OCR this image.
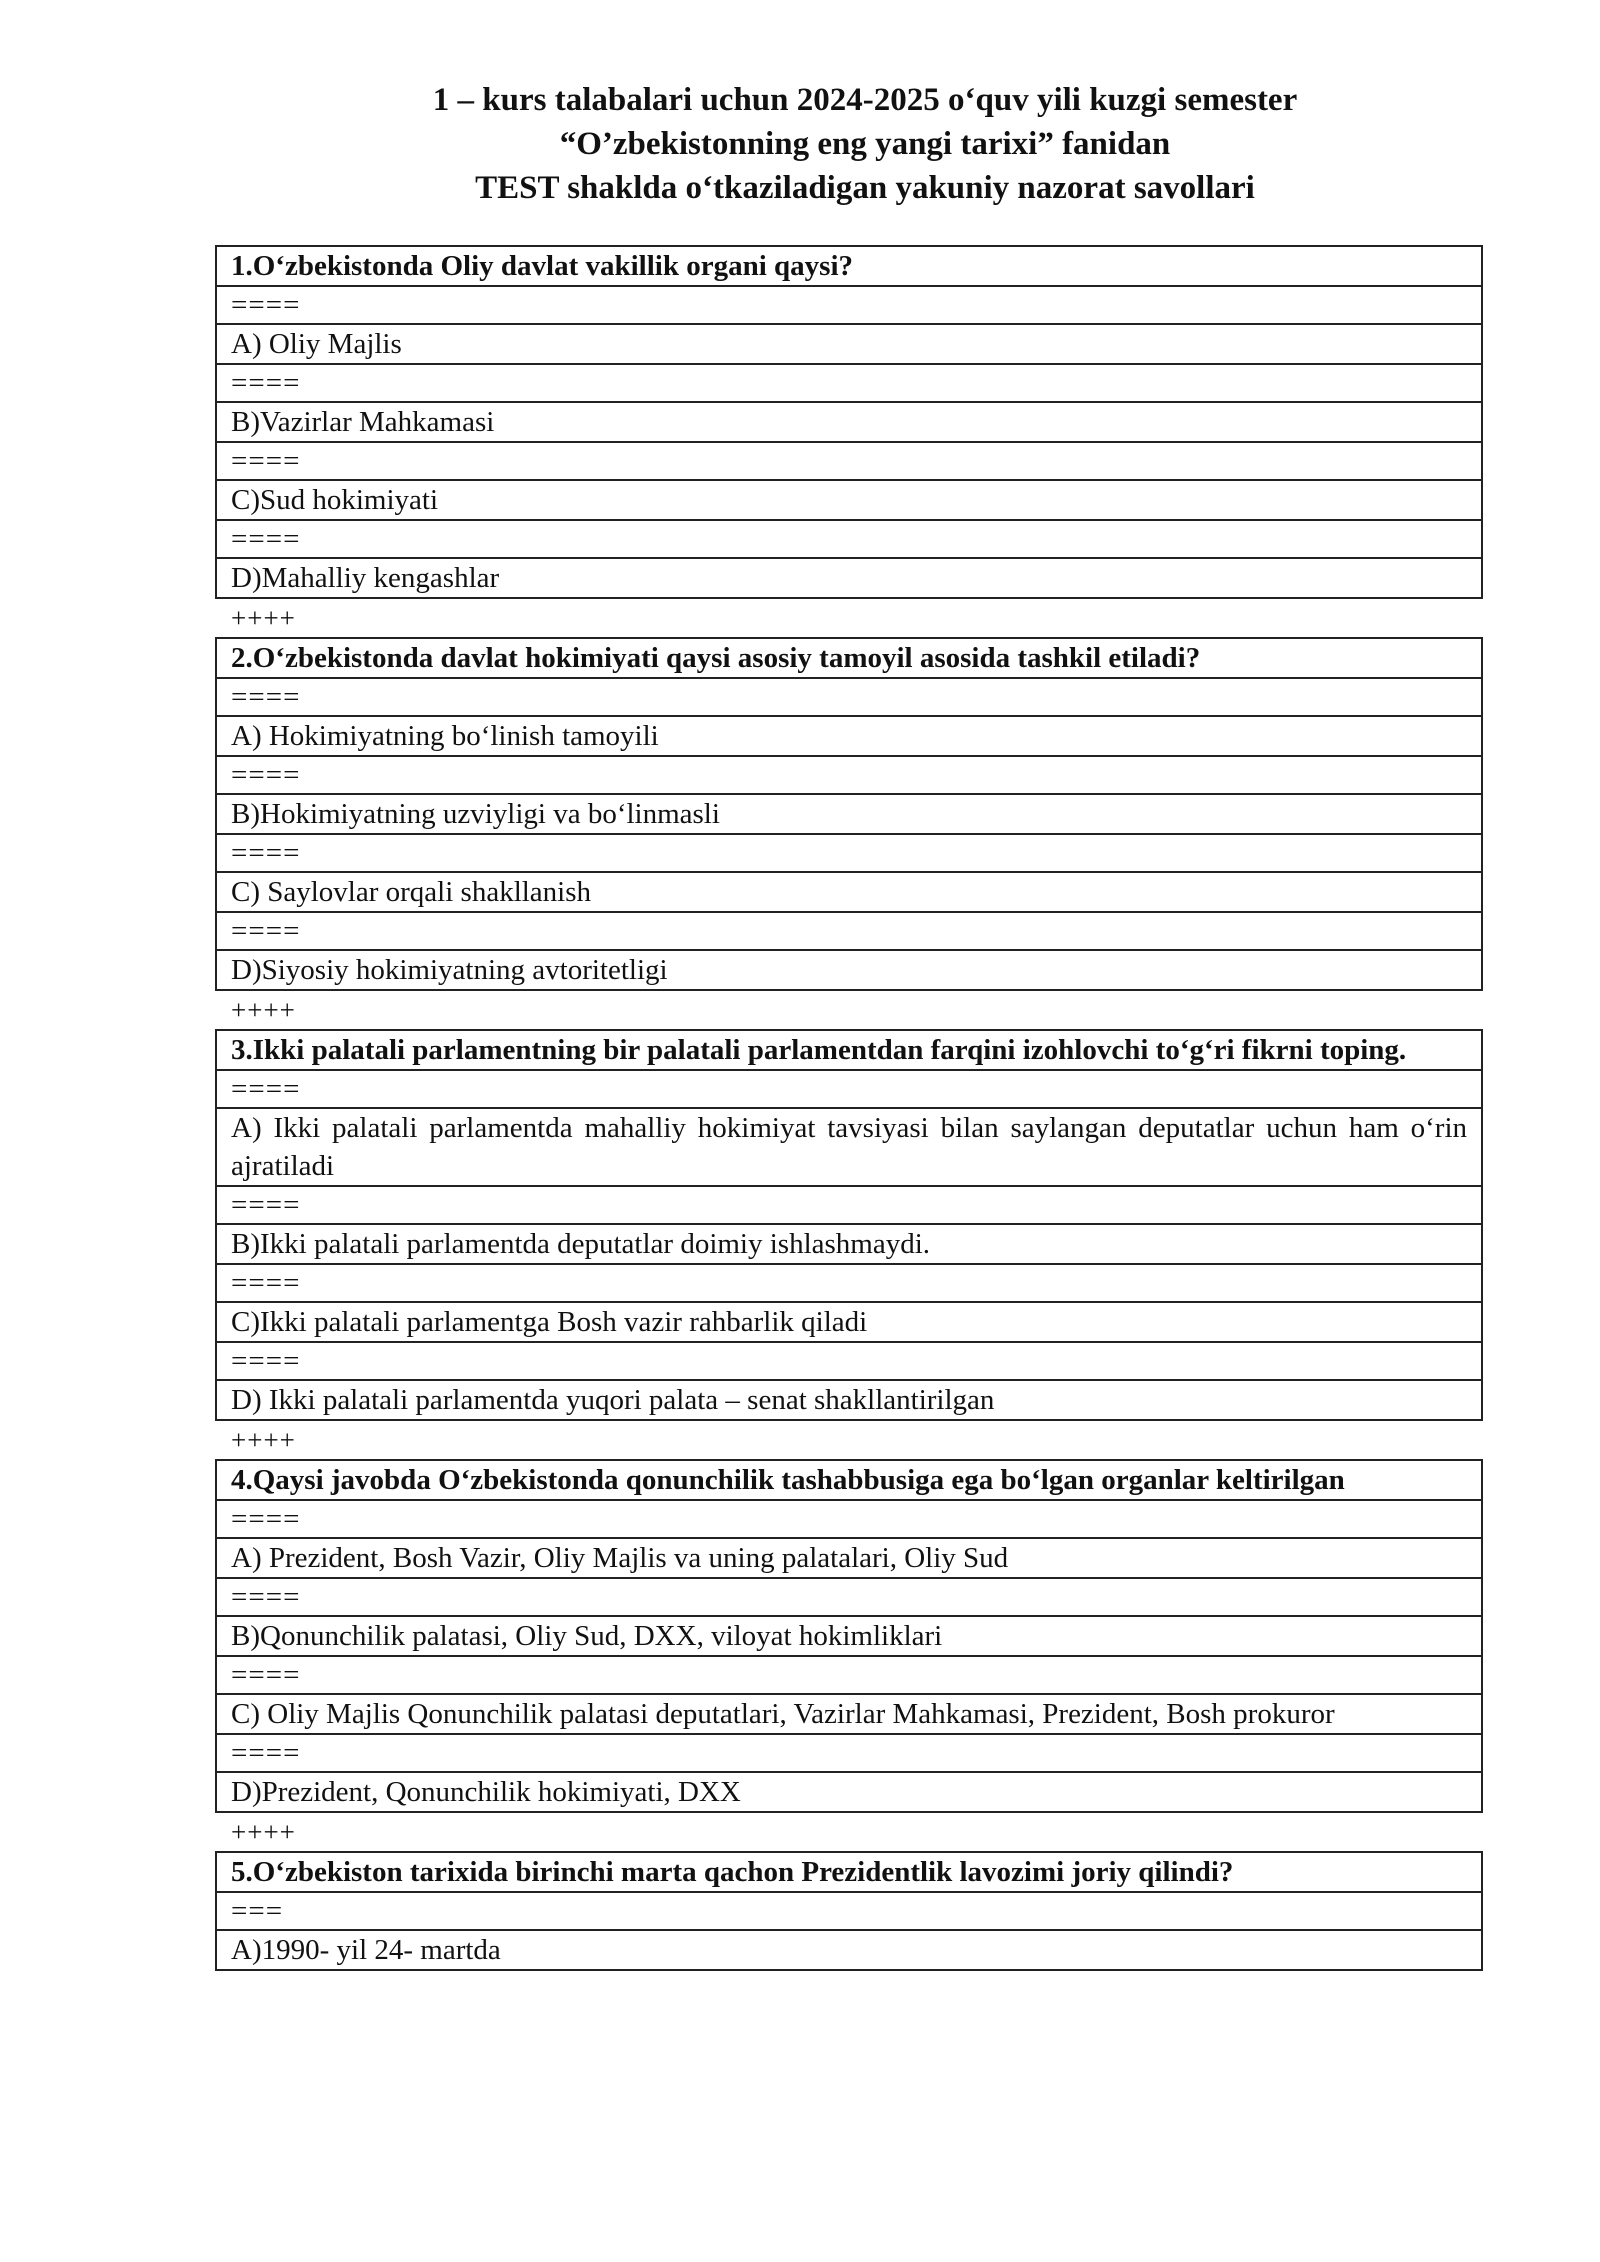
1 – kurs talabalari uchun 2024-2025 o‘quv yili kuzgi semester
“O’zbekistonning eng yangi tarixi” fanidan
TEST shaklda o‘tkaziladigan yakuniy nazorat savollari
1.O‘zbekistonda Oliy davlat vakillik organi qaysi?
====
A) Oliy Majlis
====
B)Vazirlar Mahkamasi
====
C)Sud hokimiyati
====
D)Mahalliy kengashlar
++++
2.O‘zbekistonda davlat hokimiyati qaysi asosiy tamoyil asosida tashkil etiladi?
====
A) Hokimiyatning bo‘linish tamoyili
====
B)Hokimiyatning uzviyligi va bo‘linmasli
====
C) Saylovlar orqali shakllanish
====
D)Siyosiy hokimiyatning avtoritetligi
++++
3.Ikki palatali parlamentning bir palatali parlamentdan farqini izohlovchi to‘g‘ri fikrni toping.
====
A) Ikki palatali parlamentda mahalliy hokimiyat tavsiyasi bilan saylangan deputatlar uchun ham o‘rin ajratiladi
====
B)Ikki palatali parlamentda deputatlar doimiy ishlashmaydi.
====
C)Ikki palatali parlamentga Bosh vazir rahbarlik qiladi
====
D) Ikki palatali parlamentda yuqori palata – senat shakllantirilgan
++++
4.Qaysi javobda O‘zbekistonda qonunchilik tashabbusiga ega bo‘lgan organlar keltirilgan
====
A) Prezident, Bosh Vazir, Oliy Majlis va uning palatalari, Oliy Sud
====
B)Qonunchilik palatasi, Oliy Sud, DXX, viloyat hokimliklari
====
C) Oliy Majlis Qonunchilik palatasi deputatlari, Vazirlar Mahkamasi, Prezident, Bosh prokuror
====
D)Prezident, Qonunchilik hokimiyati, DXX
++++
5.O‘zbekiston tarixida birinchi marta qachon Prezidentlik lavozimi joriy qilindi?
===
A)1990- yil 24- martda
